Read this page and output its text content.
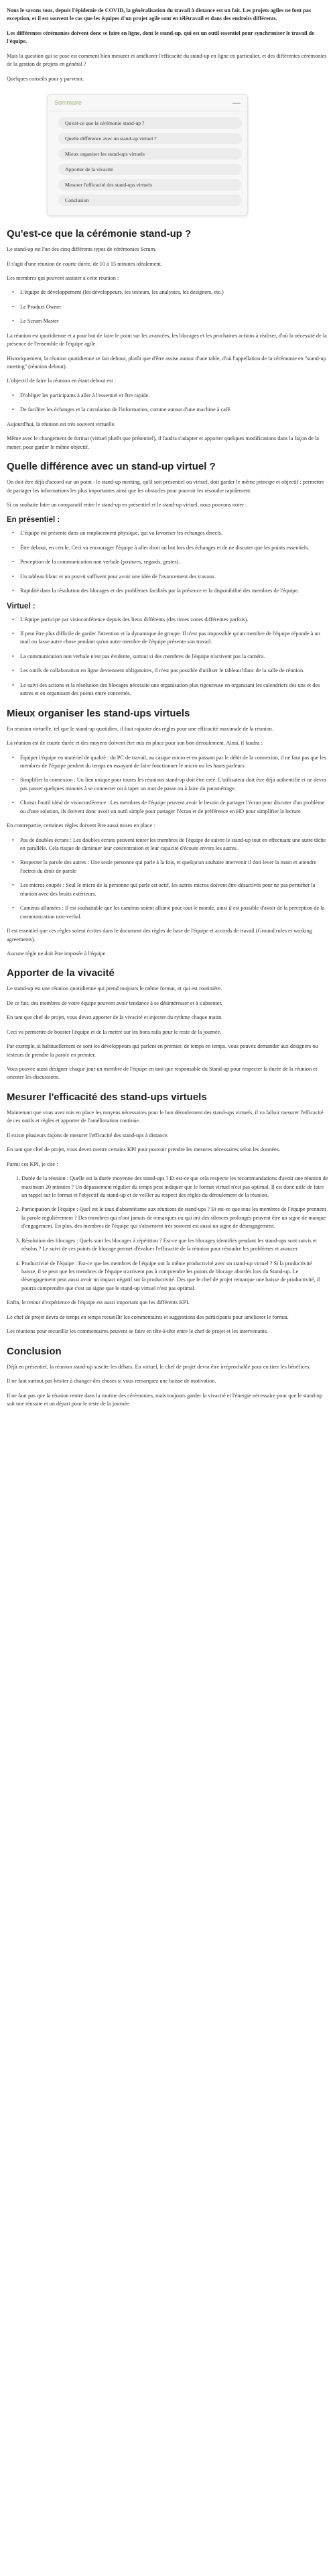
Nous le savons tous, depuis l'épidemie de COVID, la généralisation du travail à distance est un fait. Les projets agiles ne font pas exception, et il est souvent le cas que les équipes d'un projet agile sont en télétravail et dans des endroits différents.

Les différentes cérémonies doivent donc se faire en ligne, dont le stand-up, qui est un outil essentiel pour synchroniser le travail de l'équipe.

Mais la question qui se pose est comment bien mesurer et améliorer l'efficacité du stand-up en ligne en particulier, et des différentes cérémonies de la gestion de projets en général ?

Quelques conseils pour y parvenir.

Sommaire	—
Qu'est-ce que la cérémonie stand-up ?
Quelle différence avec un stand-up virtuel ?
Mieux organiser les stand-ups virtuels
Apporter de la vivacité
Mesurer l'efficacité des stand-ups virtuels
Conclusion
Qu'est-ce que la cérémonie stand-up ?

Le stand-up est l'un des cinq différents types de cérémonies Scrum.

Il s'agit d'une réunion de courte durée, de 10 à 15 minutes idéalement.

Les membres qui peuvent assister à cette réunion :

• L'équipe de développement (les développeurs, les testeurs, les analystes, les designers, etc.)
• Le Product Owner
• Le Scrum Master

La réunion est quotidienne et a pour but de faire le point sur les avancées, les blocages et les prochaines actions à réaliser, d'où la nécessité de la présence de l'ensemble de l'équipe agile.

Historiquement, la réunion quotidienne se fait debout, plutôt que d'être assise autour d'une table, d'où l'appellation de la cérémonie en "stand-up meeting" (réunion debout).

L'objectif de faire la réunion en étant debout est :

• D'obliger les participants à aller à l'essentiel et être rapide.
• De faciliter les échanges et la circulation de l'information, comme autour d'une machine à café.

Aujourd'hui, la réunion est très souvent virtuelle.

Même avec le changement de format (virtuel plutôt que présentiel), il faudra s'adapter et apporter quelques modifications dans la façon de la mener, pour garder le même objectif.

Quelle différence avec un stand-up virtuel ?

On doit être déjà d'accord sur un point : le stand-up meeting, qu'il soit présentiel ou virtuel, doit garder le même principe et objectif : permettre de partager les informations les plus importantes ainsi que les obstacles pour pouvoir les résoudre rapidement.

Si on souhaite faire un comparatif entre le stand-up en présentiel et le stand-up virtuel, nous pouvons noter :

En présentiel :
• L'équipe est présente dans un emplacement physique, qui va favoriser les échanges directs.
• Être debout, en cercle. Ceci va encourager l'équipe à aller droit au but lors des échanges et de ne discuter que les points essentiels.
• Perception de la communication non verbale (postures, regards, gestes).
• Un tableau blanc et un post-it suffisent pour avoir une idée de l'avancement des travaux.
• Rapidité dans la résolution des blocages et des problèmes facilités par la présence et la disponibilité des membres de l'équipe.
Virtuel :
• L'équipe participe par visioconférence depuis des lieux différents (des times zones différentes parfois).
• Il peut être plus difficile de garder l'attention et la dynamique de groupe. Il n'est pas impossible qu'un membre de l'équipe réponde à un mail ou fasse autre chose pendant qu'un autre membre de l'équipe présente son travail.
• La communication non verbale n'est pas évidente, surtout si des membres de l'équipe n'activent pas la caméra.
• Les outils de collaboration en ligne deviennent obligatoires, il n'est pas possible d'utiliser le tableau blanc de la salle de réunion.
• Le suivi des actions et la résolution des blocages nécessite une organisation plus rigoureuse en organisant les calendriers des uns et des autres et en organisant des points entre concernés.
Mieux organiser les stand-ups virtuels

En réunion virtuelle, tel que le stand-up quotidien, il faut rajouter des règles pour une efficacité maximale de la réunion.

La réunion est de courte durée et des moyens doivent être mis en place pour son bon déroulement. Ainsi, il faudra :

• Équiper l'équipe en matériel de qualité : du PC de travail, au casque micro et en passant par le débit de la connexion, il ne faut pas que les membres de l'équipe perdent du temps en essayant de faire fonctionner le micro ou les hauts parleurs
• Simplifier la connexion : Un lien unique pour toutes les réunions stand-up doit être créé. L'utilisateur doit être déjà authentifié et ne devra pas passer quelques minutes à se connecter ou à taper un mot de passe ou à faire du paramétrage.
• Choisir l'outil idéal de visioconférence : Les membres de l'équipe peuvent avoir le besoin de partager l'écran pour discuter d'un problème ou d'une solution, ils doivent donc avoir un outil simple pour partager l'écran et de préférence en HD pour simplifier la lecture

En contrepartie, certaines règles doivent être aussi mises en place :

• Pas de doubles écrans : Les doubles écrans peuvent tenter les membres de l'équipe de suivre le stand-up tout en effectuant une autre tâche en parallèle. Cela risque de diminuer leur concentration et leur capacité d'écoute envers les autres.
• Respecter la parole des autres : Une seule personne qui parle à la fois, et quelqu'un souhaite intervenir il doit lever la main et attendre l'octroi du droit de parole
• Les micros coupés : Seul le micro de la personne qui parle est actif, les autres micros doivent être désactivés pour ne pas perturber la réunion avec des bruits extérieurs.
• Caméras allumées : Il est souhaitable que les caméras soient allumé pour tout le monde, ainsi il est possible d'avoir de la perception de la communication non-verbal.

Il est essentiel que ces règles soient écrites dans le document des règles de base de l'équipe et accords de travail (Ground rules et working agreements).

Aucune règle ne doit être imposée à l'équipe.

Apporter de la vivacité

Le stand-up est une réunion quotidienne qui prend toujours le même format, et qui est routinière.

De ce fait, des membres de votre équipe peuvent avoir tendance à se désintéresser et à s'absenter.

En tant que chef de projet, vous devez apporter de la vivacité et injecter du rythme chaque matin.

Ceci va permettre de booster l'équipe et de la mettre sur les bons rails pour le reste de la journée.

Par exemple, si habituellement ce sont les développeurs qui parlent en premier, de temps en temps, vous pouvez demander aux designers ou testeurs de prendre la parole en premier.

Vous pouvez aussi désigner chaque jour un membre de l'équipe en tant que responsable du Stand-up pour respecter la durée de la réunion et orienter les discussions.

Mesurer l'efficacité des stand-ups virtuels

Maintenant que vous avez mis en place les moyens nécessaires pour le bon déroulement des stand-ups virtuels, il va falloir mesurer l'efficacité de ces outils et règles et apporter de l'amélioration continue.

Il existe plusieurs façons de mesurer l'efficacité des stand-ups à distance.

En tant que chef de projet, vous devez mettre certains KPI pour pouvoir prendre les mesures nécessaires selon les données.

Parmi ces KPI, je cite :

1. Durée de la réunion : Quelle est la durée moyenne des stand-ups ? Et est-ce que cela respecte les recommandations d'avoir une réunion de maximum 20 minutes ? Un dépassement régulier du temps peut indiquer que le format virtuel n'est pas optimal. Il est donc utile de faire un rappel sur le format et l'objectif du stand-up et de veiller au respect des règles du déroulement de la réunion.
2. Participation de l'équipe : Quel est le taux d'absentéisme aux réunions de stand-ups ? Et est-ce que tous les membres de l'équipe prennent la parole régulièrement ? Des membres qui n'ont jamais de remarques ou qui ont des silences prolongés peuvent être un signe de manque d'engagement. En plus, des membres de l'équipe qui s'absentent très souvent est aussi un signe de désengagement.
3. Résolution des blocages : Quels sont les blocages à répétition ? Est-ce que les blocages identifiés pendant les stand-ups sont suivis et résolus ? Le suivi de ces points de blocage permet d'évaluer l'efficacité de la réunion pour résoudre les problèmes et avancer.
4. Productivité de l'équipe : Est-ce que les membres de l'équipe ont la même productivité avec un stand-up virtuel ? Si la productivité baisse, il se peut que les membres de l'équipe n'arrivent pas à comprendre les points de blocage abordés lors du Stand-up. Le désengagement peut aussi avoir un impact négatif sur la productivité. Des que le chef de projet remarque une baisse de productivité, il pourra comprendre que c'est un signe que le stand-up virtuel n'est pas optimal.

Enfin, le retour d'expérience de l'équipe est aussi important que les différents KPI.

Le chef de projet devra de temps en temps recueillir les commentaires et suggestions des participants pour améliorer le format.

Les réunions pour recueillir les commentaires peuvent se faire en tête-à-tête entre le chef de projet et les intervenants.

Conclusion

Déjà en présentiel, la réunion stand-up suscite les débats. En virtuel, le chef de projet devra être irréprochable pour en tirer les bénéfices.

Il ne faut surtout pas hésiter à changer des choses si vous remarquez une baisse de motivation.

Il ne faut pas que la réunion rentre dans la routine des cérémonies, mais toujours garder la vivacité et l'énergie nécessaire pour que le stand-up soit une réussite et un départ pour le reste de la journée.
